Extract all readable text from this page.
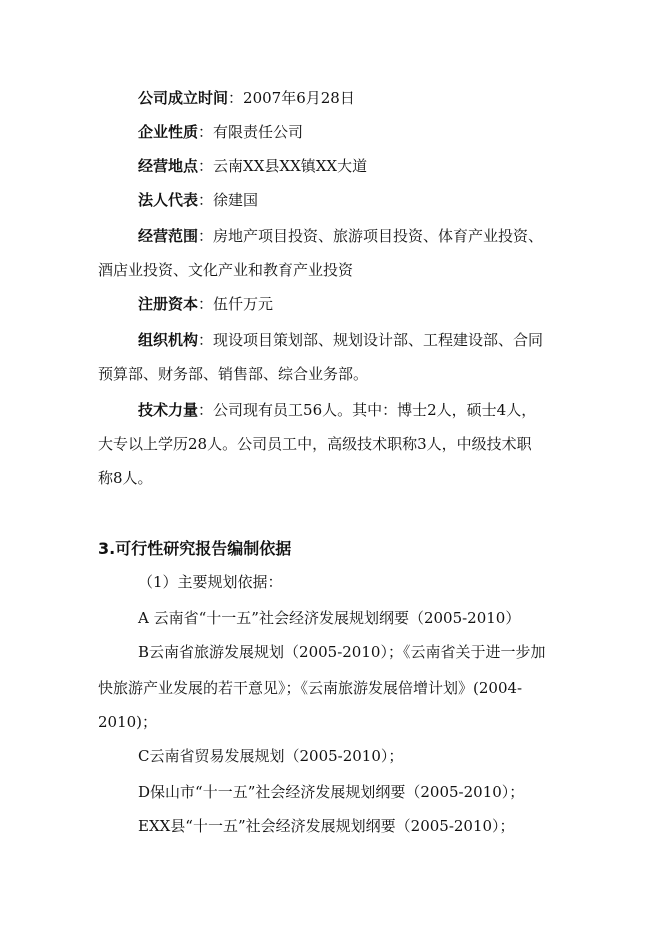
公司成立时间：2007年6月28日
企业性质：有限责任公司
经营地点：云南XX县XX镇XX大道
法人代表：徐建国
经营范围：房地产项目投资、旅游项目投资、体育产业投资、
酒店业投资、文化产业和教育产业投资
注册资本：伍仟万元
组织机构：现设项目策划部、规划设计部、工程建设部、合同
预算部、财务部、销售部、综合业务部。
技术力量：公司现有员工56人。其中：博士2人，硕士4人，
大专以上学历28人。公司员工中，高级技术职称3人，中级技术职
称8人。
3.可行性研究报告编制依据
（1）主要规划依据：
A 云南省“十一五”社会经济发展规划纲要（2005-2010）
B云南省旅游发展规划（2005-2010）；《云南省关于进一步加
快旅游产业发展的若干意见》；《云南旅游发展倍增计划》(2004-
2010)；
C云南省贸易发展规划（2005-2010）；
D保山市“十一五”社会经济发展规划纲要（2005-2010）；
EXX县“十一五”社会经济发展规划纲要（2005-2010）；
